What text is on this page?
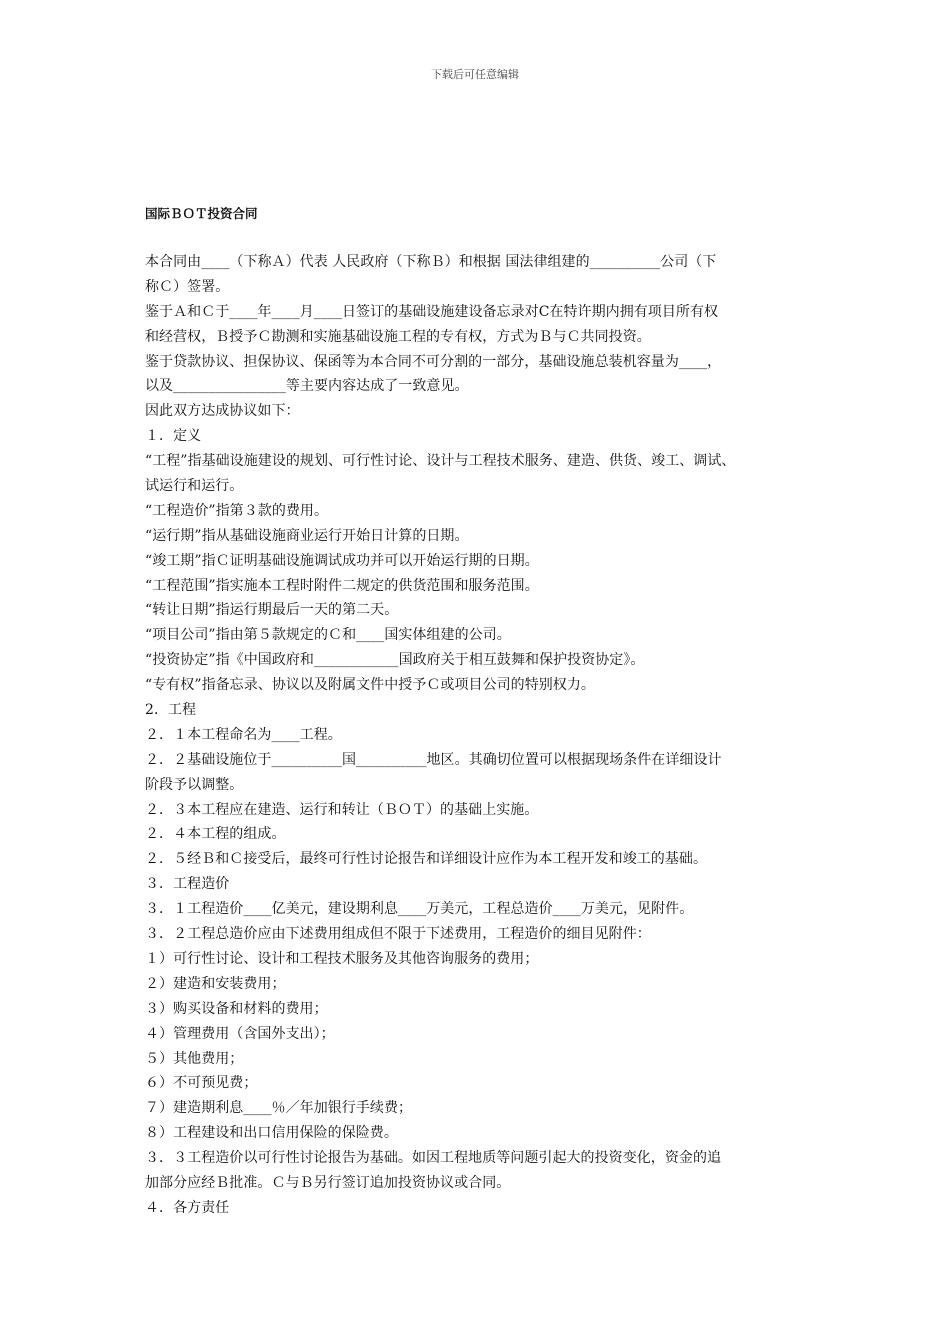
下载后可任意编辑
国际ＢＯＴ投资合同
本合同由____（下称Ａ）代表 人民政府（下称Ｂ）和根据 国法律组建的__________公司（下
称Ｃ）签署。
鉴于Ａ和Ｃ于____年____月____日签订的基础设施建设备忘录对C在特许期内拥有项目所有权
和经营权，Ｂ授予Ｃ勘测和实施基础设施工程的专有权，方式为Ｂ与Ｃ共同投资。
鉴于贷款协议、担保协议、保函等为本合同不可分割的一部分，基础设施总装机容量为____，
以及________________等主要内容达成了一致意见。
因此双方达成协议如下：
１．定义
“工程”指基础设施建设的规划、可行性讨论、设计与工程技术服务、建造、供货、竣工、调试、
试运行和运行。
“工程造价”指第３款的费用。
“运行期”指从基础设施商业运行开始日计算的日期。
“竣工期”指Ｃ证明基础设施调试成功并可以开始运行期的日期。
“工程范围”指实施本工程时附件二规定的供货范围和服务范围。
“转让日期”指运行期最后一天的第二天。
“项目公司”指由第５款规定的Ｃ和____国实体组建的公司。
“投资协定”指《中国政府和____________国政府关于相互鼓舞和保护投资协定》。
“专有权”指备忘录、协议以及附属文件中授予Ｃ或项目公司的特别权力。
2．工程
２．１本工程命名为____工程。
２．２基础设施位于__________国__________地区。其确切位置可以根据现场条件在详细设计
阶段予以调整。
２．３本工程应在建造、运行和转让（ＢＯＴ）的基础上实施。
２．４本工程的组成。
２．５经Ｂ和Ｃ接受后，最终可行性讨论报告和详细设计应作为本工程开发和竣工的基础。
３．工程造价
３．１工程造价____亿美元，建设期利息____万美元，工程总造价____万美元，见附件。
３．２工程总造价应由下述费用组成但不限于下述费用，工程造价的细目见附件：
１）可行性讨论、设计和工程技术服务及其他咨询服务的费用；
２）建造和安装费用；
３）购买设备和材料的费用；
４）管理费用（含国外支出）；
５）其他费用；
６）不可预见费；
７）建造期利息____％／年加银行手续费；
８）工程建设和出口信用保险的保险费。
３．３工程造价以可行性讨论报告为基础。如因工程地质等问题引起大的投资变化，资金的追
加部分应经Ｂ批准。Ｃ与Ｂ另行签订追加投资协议或合同。
４．各方责任
